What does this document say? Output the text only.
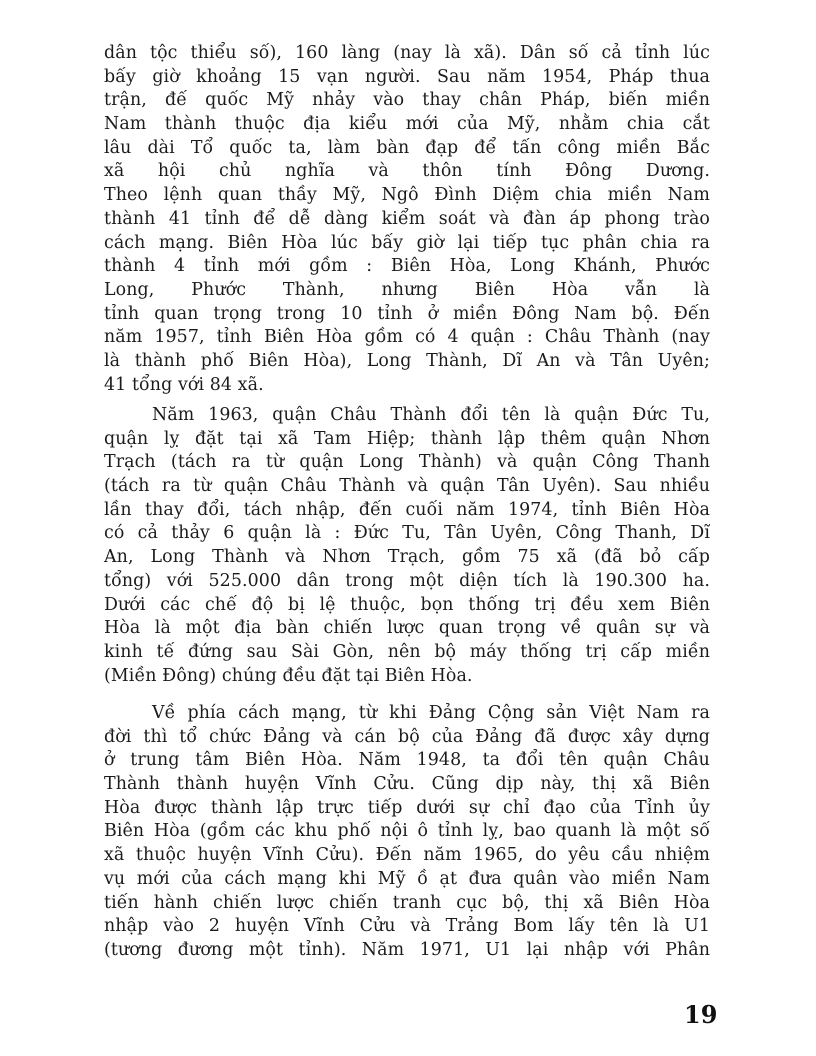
dân tộc thiểu số), 160 làng (nay là xã). Dân số cả tỉnh lúc
bấy giờ khoảng 15 vạn người. Sau năm 1954, Pháp thua
trận, đế quốc Mỹ nhảy vào thay chân Pháp, biến miền
Nam thành thuộc địa kiểu mới của Mỹ, nhằm chia cắt
lâu dài Tổ quốc ta, làm bàn đạp để tấn công miền Bắc
xã hội chủ nghĩa và thôn tính Đông Dương.
Theo lệnh quan thầy Mỹ, Ngô Đình Diệm chia miền Nam
thành 41 tỉnh để dễ dàng kiểm soát và đàn áp phong trào
cách mạng. Biên Hòa lúc bấy giờ lại tiếp tục phân chia ra
thành 4 tỉnh mới gồm : Biên Hòa, Long Khánh, Phước
Long, Phước Thành, nhưng Biên Hòa vẫn là
tỉnh quan trọng trong 10 tỉnh ở miền Đông Nam bộ. Đến
năm 1957, tỉnh Biên Hòa gồm có 4 quận : Châu Thành (nay
là thành phố Biên Hòa), Long Thành, Dĩ An và Tân Uyên;
41 tổng với 84 xã.
Năm 1963, quận Châu Thành đổi tên là quận Đức Tu,
quận lỵ đặt tại xã Tam Hiệp; thành lập thêm quận Nhơn
Trạch (tách ra từ quận Long Thành) và quận Công Thanh
(tách ra từ quận Châu Thành và quận Tân Uyên). Sau nhiều
lần thay đổi, tách nhập, đến cuối năm 1974, tỉnh Biên Hòa
có cả thảy 6 quận là : Đức Tu, Tân Uyên, Công Thanh, Dĩ
An, Long Thành và Nhơn Trạch, gồm 75 xã (đã bỏ cấp
tổng) với 525.000 dân trong một diện tích là 190.300 ha.
Dưới các chế độ bị lệ thuộc, bọn thống trị đều xem Biên
Hòa là một địa bàn chiến lược quan trọng về quân sự và
kinh tế đứng sau Sài Gòn, nên bộ máy thống trị cấp miền
(Miền Đông) chúng đều đặt tại Biên Hòa.
Về phía cách mạng, từ khi Đảng Cộng sản Việt Nam ra
đời thì tổ chức Đảng và cán bộ của Đảng đã được xây dựng
ở trung tâm Biên Hòa. Năm 1948, ta đổi tên quận Châu
Thành thành huyện Vĩnh Cửu. Cũng dịp này, thị xã Biên
Hòa được thành lập trực tiếp dưới sự chỉ đạo của Tỉnh ủy
Biên Hòa (gồm các khu phố nội ô tỉnh lỵ, bao quanh là một số
xã thuộc huyện Vĩnh Cửu). Đến năm 1965, do yêu cầu nhiệm
vụ mới của cách mạng khi Mỹ ồ ạt đưa quân vào miền Nam
tiến hành chiến lược chiến tranh cục bộ, thị xã Biên Hòa
nhập vào 2 huyện Vĩnh Cửu và Trảng Bom lấy tên là U1
(tương đương một tỉnh). Năm 1971, U1 lại nhập với Phân
19
